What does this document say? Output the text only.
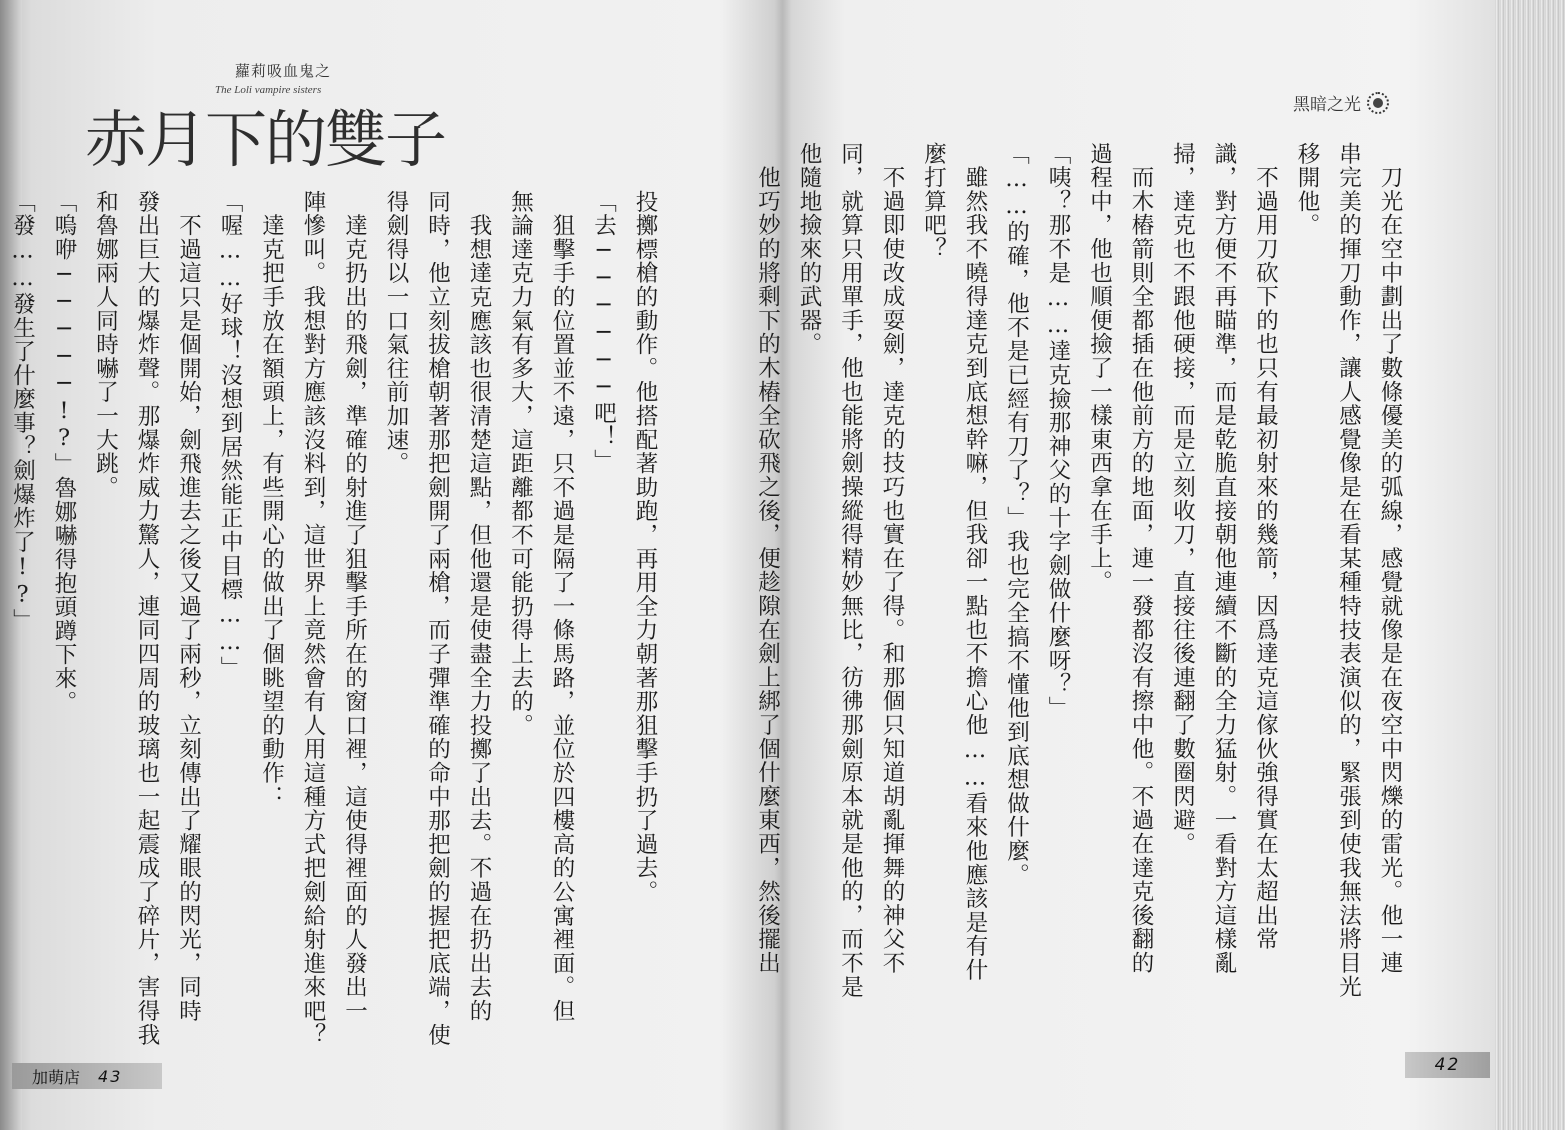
蘿莉吸血鬼之
The Loli vampire sisters
赤月下的雙子	黑暗之光
投擲標槍的動作。他搭配著助跑，再用全力朝著那狙擊手扔了過去。
「去──────吧！」
　狙擊手的位置並不遠，只不過是隔了一條馬路，並位於四樓高的公寓裡面。但
無論達克力氣有多大，這距離都不可能扔得上去的。
　我想達克應該也很清楚這點，但他還是使盡全力投擲了出去。不過在扔出去的
同時，他立刻拔槍朝著那把劍開了兩槍，而子彈準確的命中那把劍的握把底端，使
得劍得以一口氣往前加速。
　達克扔出的飛劍，準確的射進了狙擊手所在的窗口裡，這使得裡面的人發出一
陣慘叫。我想對方應該沒料到，這世界上竟然會有人用這種方式把劍給射進來吧？
　達克把手放在額頭上，有些開心的做出了個眺望的動作：
「喔……好球！沒想到居然能正中目標……」
　不過這只是個開始，劍飛進去之後又過了兩秒，立刻傳出了耀眼的閃光，同時
發出巨大的爆炸聲。那爆炸威力驚人，連同四周的玻璃也一起震成了碎片，害得我
和魯娜兩人同時嚇了一大跳。
「嗚咿─────!?」魯娜嚇得抱頭蹲下來。
「發……發生了什麼事？劍爆炸了!?」	　刀光在空中劃出了數條優美的弧線，感覺就像是在夜空中閃爍的雷光。他一連
串完美的揮刀動作，讓人感覺像是在看某種特技表演似的，緊張到使我無法將目光
移開他。
　不過用刀砍下的也只有最初射來的幾箭，因爲達克這傢伙強得實在太超出常
識，對方便不再瞄準，而是乾脆直接朝他連續不斷的全力猛射。一看對方這樣亂
掃，達克也不跟他硬接，而是立刻收刀，直接往後連翻了數圈閃避。
　而木樁箭則全都插在他前方的地面，連一發都沒有擦中他。不過在達克後翻的
過程中，他也順便撿了一樣東西拿在手上。
「咦？那不是……達克撿那神父的十字劍做什麼呀？」
「……的確，他不是已經有刀了？」我也完全搞不懂他到底想做什麼。
　雖然我不曉得達克到底想幹嘛，但我卻一點也不擔心他……看來他應該是有什
麼打算吧？
　不過即使改成耍劍，達克的技巧也實在了得。和那個只知道胡亂揮舞的神父不
同，就算只用單手，他也能將劍操縱得精妙無比，彷彿那劍原本就是他的，而不是
他隨地撿來的武器。
　他巧妙的將剩下的木樁全砍飛之後，便趁隙在劍上綁了個什麼東西，然後擺出
加萌店 43
42
